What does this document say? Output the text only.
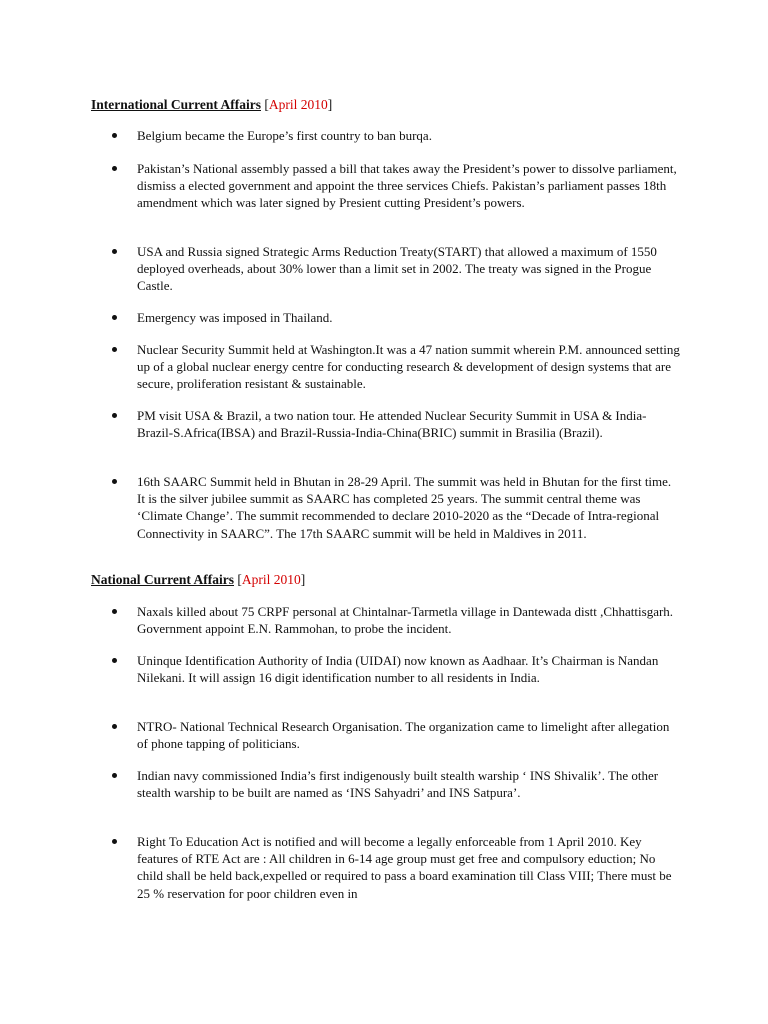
International Current Affairs [April 2010]
Belgium became the Europe’s first country to ban burqa.
Pakistan’s National assembly passed a bill that takes away the President’s power to dissolve parliament, dismiss a elected government and appoint the three services Chiefs. Pakistan’s parliament passes 18th amendment which was later signed by Presient cutting President’s powers.
USA and Russia signed Strategic Arms Reduction Treaty(START) that allowed a maximum of 1550 deployed overheads, about 30% lower than a limit set in 2002. The treaty was signed in the Progue Castle.
Emergency was imposed in Thailand.
Nuclear Security Summit held at Washington.It was a 47 nation summit wherein P.M. announced setting up of a global nuclear energy centre for conducting research & development of design systems that are secure, proliferation resistant & sustainable.
PM visit USA & Brazil, a two nation tour. He attended Nuclear Security Summit in USA & India- Brazil-S.Africa(IBSA) and Brazil-Russia-India-China(BRIC) summit in Brasilia (Brazil).
16th SAARC Summit held in Bhutan in 28-29 April. The summit was held in Bhutan for the first time. It is the silver jubilee summit as SAARC has completed 25 years. The summit central theme was ‘Climate Change’. The summit recommended to declare 2010-2020 as the “Decade of Intra-regional Connectivity in SAARC”. The 17th SAARC summit will be held in Maldives in 2011.
National Current Affairs [April 2010]
Naxals killed about 75 CRPF personal at Chintalnar-Tarmetla village in Dantewada distt ,Chhattisgarh. Government appoint E.N. Rammohan, to probe the incident.
Uninque Identification Authority of India (UIDAI) now known as Aadhaar. It’s Chairman is Nandan Nilekani. It will assign 16 digit identification number to all residents in India.
NTRO- National Technical Research Organisation. The organization came to limelight after allegation of phone tapping of politicians.
Indian navy commissioned India’s first indigenously built stealth warship ‘ INS Shivalik’. The other stealth warship to be built are named as ‘INS Sahyadri’ and INS Satpura’.
Right To Education Act is notified and will become a legally enforceable from 1 April 2010. Key features of RTE Act are : All children in 6-14 age group must get free and compulsory eduction; No child shall be held back,expelled or required to pass a board examination till Class VIII; There must be 25 % reservation for poor children even in
